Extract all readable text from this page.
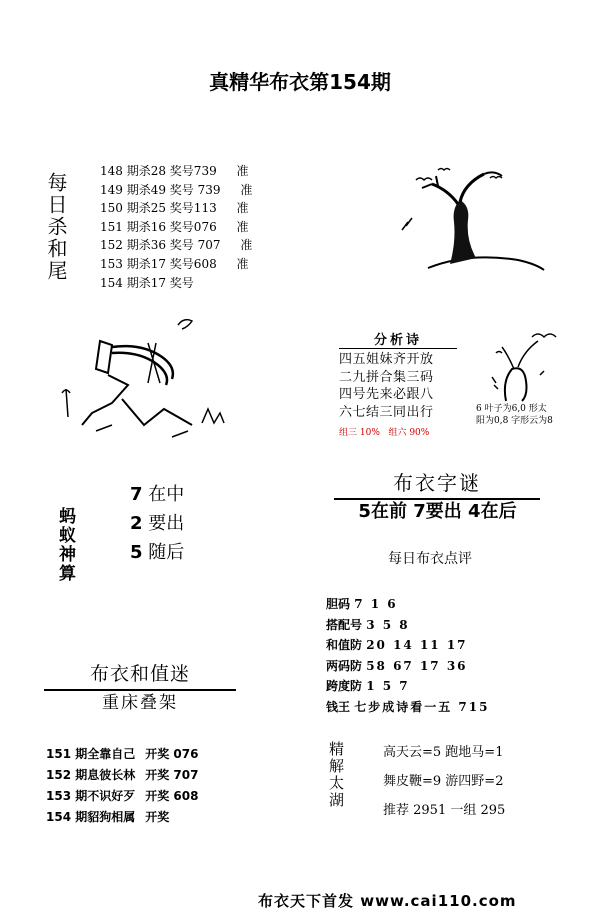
真精华布衣第154期
每日杀和尾
148 期杀28 奖号739 准
149 期杀49 奖号 739 准
150 期杀25 奖号113 准
151 期杀16 奖号076 准
152 期杀36 奖号 707 准
153 期杀17 奖号608 准
154 期杀17 奖号
分析诗
四五姐妹齐开放
二九拼合集三码
四号先来必跟八
六七结三同出行
组三 10% 组六 90%
6 叶子为6,0 形太
阳为0,8 字形云为8
蚂蚁神算
7 在中
2 要出
5 随后
布衣字谜
5在前 7要出 4在后
每日布衣点评
胆码 7 1 6
搭配号 3 5 8
和值防 20 14 11 17
两码防 58 67 17 36
跨度防 1 5 7
钱王 七步成诗看一五 715
布衣和值迷
重床叠架
151 期全靠自己 开奖 076
152 期息彼长林 开奖 707
153 期不识好歹 开奖 608
154 期貂狗相属 开奖
精解太湖	高天云=5 跑地马=1
舞皮鞭=9 游四野=2
推荐 2951 一组 295
布衣天下首发 www.cai110.com
